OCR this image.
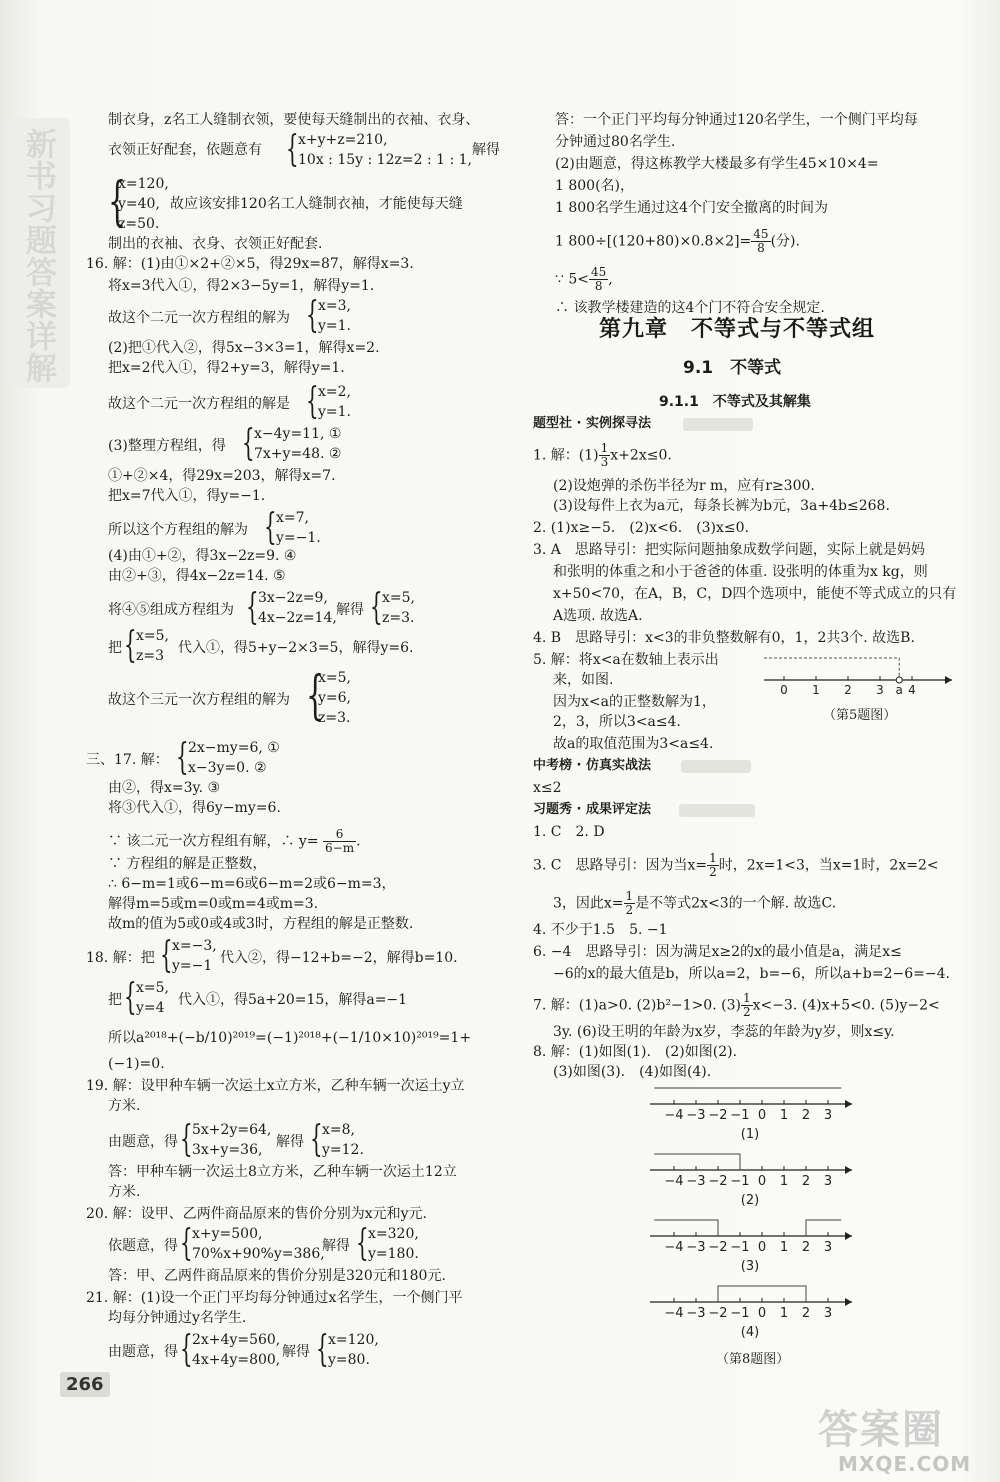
新书习题答案详解
制衣身，z名工人缝制衣领，要使每天缝制出的衣袖、衣身、
衣领正好配套，依题意有 { x+y+z=210,
10x : 15y : 12z=2 : 1 : 1,
解得
{
x=120,
y=40,
z=50.
故应该安排120名工人缝制衣袖，才能使每天缝
制出的衣袖、衣身、衣领正好配套.
16. 解：(1)由①×2+②×5，得29x=87，解得x=3.
将x=3代入①，得2×3−5y=1，解得y=1.
故这个二元一次方程组的解为 { x=3,
y=1.
(2)把①代入②，得5x−3×3=1，解得x=2.
把x=2代入①，得2+y=3，解得y=1.
故这个二元一次方程组的解是 { x=2,
y=1.
(3)整理方程组，得 { x−4y=11, ①
7x+y=48. ②
①+②×4，得29x=203，解得x=7.
把x=7代入①，得y=−1.
所以这个方程组的解为 { x=7,
y=−1.
(4)由①+②，得3x−2z=9. ④
由②+③，得4x−2z=14. ⑤
将④⑤组成方程组为 { 3x−2z=9,
4x−2z=14, 解得 { x=5,
z=3.
把 { x=5,
z=3 代入①，得5+y−2×3=5，解得y=6.
故这个三元一次方程组的解为 {
x=5,
y=6,
z=3.
三、17. 解： { 2x−my=6, ①
x−3y=0. ②
由②，得x=3y. ③
将③代入①，得6y−my=6.
∵ 该二元一次方程组有解，∴ $y= \frac{6}{6-m}$ .
∵ 方程组的解是正整数，
∴ 6−m=1或6−m=6或6−m=2或6−m=3，
解得m=5或m=0或m=4或m=3.
故m的值为5或0或4或3时，方程组的解是正整数.
18. 解：把 { x=−3,
y=−1 代入②，得−12+b=−2，解得b=10.
把 { x=5,
y=4 代入①，得5a+20=15，解得a=−1
所以a²⁰¹⁸+(−b/10)²⁰¹⁹=(−1)²⁰¹⁸+(−1/10×10)²⁰¹⁹=1+
(−1)=0.
19. 解：设甲种车辆一次运土x立方米，乙种车辆一次运土y立
方米.
由题意，得 { 5x+2y=64,
3x+y=36, 解得 { x=8,
y=12.
答：甲种车辆一次运土8立方米，乙种车辆一次运土12立
方米.
20. 解：设甲、乙两件商品原来的售价分别为x元和y元.
依题意，得 { x+y=500,
70%x+90%y=386,
解得 { x=320,
y=180.
答：甲、乙两件商品原来的售价分别是320元和180元.
21. 解：(1)设一个正门平均每分钟通过x名学生，一个侧门平
均每分钟通过y名学生.
由题意，得 { 2x+4y=560,
4x+4y=800, 解得 { x=120,
y=80.
答：一个正门平均每分钟通过120名学生，一个侧门平均每
分钟通过80名学生.
(2)由题意，得这栋教学大楼最多有学生45×10×4=
1 800(名)，
1 800名学生通过这4个门安全撤离的时间为
1 $800\div[(120+80)\times 0.8\times 2]= \frac{45}{8}$ (分).
∵ $5< \frac{45}{8}$ ,
∴ 该教学楼建造的这4个门不符合安全规定.
第九章　不等式与不等式组
9.1　不等式
9.1.1　不等式及其解集
题型社 · 实例探寻法
1. 解：$(1) \frac{1}{3} x+2x\le 0$.
(2)设炮弹的杀伤半径为r m，应有r≥300.
(3)设每件上衣为a元，每条长裤为b元，3a+4b≤268.
2. (1)x≥−5.　(2)x<6.　(3)x≤0.
3. A　思路导引：把实际问题抽象成数学问题，实际上就是妈妈
和张明的体重之和小于爸爸的体重. 设张明的体重为x kg，则
x+50<70，在A，B，C，D四个选项中，能使不等式成立的只有
A选项. 故选A.
4. B　思路导引：x<3的非负整数解有0，1，2共3个. 故选B.
5. 解：将x<a在数轴上表示出
来，如图.
因为x<a的正整数解为1，
2，3，所以3<a≤4.
故a的取值范围为3<a≤4.
（第5题图）
中考榜 · 仿真实战法
x≤2
习题秀 · 成果评定法
1. C　2. D
3. C　思路导引：因为当$x= \frac{1}{2}$ 时，2x=1<3，当x=1时，2x=2<
3，因此$x= \frac{1}{2}$ 是不等式2x<3的一个解. 故选C.
4. 不少于1.5　5. −1
6. −4　思路导引：因为满足x≥2的x的最小值是a，满足x≤
−6的x的最大值是b，所以a=2，b=−6，所以a+b=2−6=−4.
7. 解：(1)a>0. (2)b²−1>0. $(3) \frac{1}{2} x<-3$. (4)x+5<0. (5)y−2<
3y. (6)设王明的年龄为x岁，李蕊的年龄为y岁，则x≤y.
8. 解：(1)如图(1).　(2)如图(2).
(3)如图(3).　(4)如图(4).
0 1 2 3 a 4
−4 −3 −2 −1 0 1 2 3
(1)
−4 −3 −2 −1 0 1 2 3
(2)
−4 −3 −2 −1 0 1 2 3
(3)
−4 −3 −2 −1 0 1 2 3
(4)
（第8题图）
266
答案圈
MXQE.COM
